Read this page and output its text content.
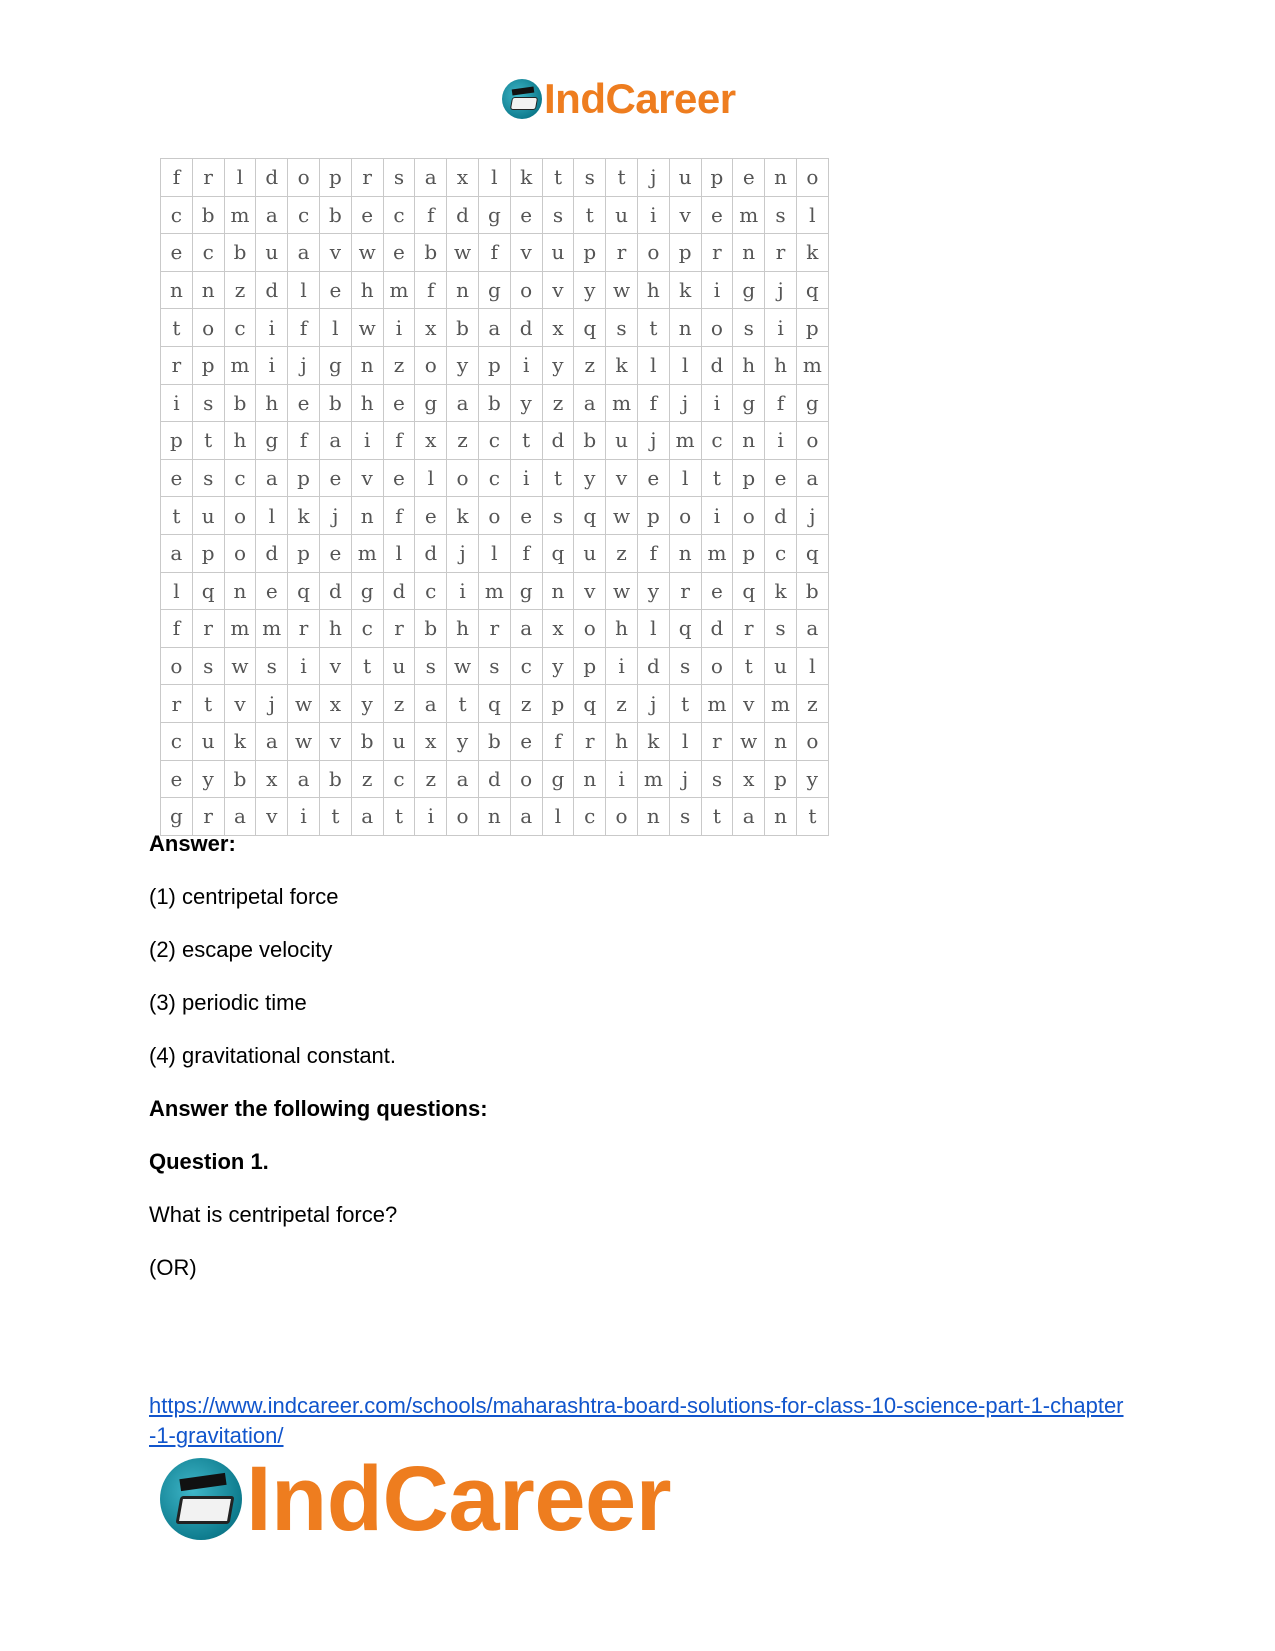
IndCareer
f	r	l	d o p	r	s	a	x	l	k	t	s	t	j	u p e n o
c b m a	c b e	c	f	d g e	s	t	u	i	v	e m s	l
e	c b u a	v w e b w f	v u p	r	o p	r	n	r	k
n n	z	d	l	e h m f	n g o	v	y w h k	i	g	j	q
t	o	c	i	f	l	w	i	x b a d x q	s	t	n o	s	i	p
r	p m i	j	g n	z	o	y p	i	y	z	k	l	l	d h h m
i	s	b h e b h e g a b y	z	a m f	j	i	g	f	g
p	t	h g	f	a	i	f	x	z	c	t	d b u	j m c n	i	o
e	s	c	a p e	v	e	l	o	c	i	t	y	v	e	l	t	p e a
t	u o	l	k	j	n	f	e k o e	s	q w p o	i	o d	j
a p o d p e m l	d	j	l	f	q u	z	f	n m p c q
l	q n e q d g d c	i m g n v w y	r	e q k b
f	r m m r	h c	r	b h	r	a	x	o h	l	q d	r	s	a
o	s w s	i	v	t	u	s w s	c	y p	i	d	s	o	t	u	l
r	t	v	j	w x	y	z	a	t	q	z	p q	z	j	t m v m z
c u k a w v b u x	y b e	f	r	h k	l	r w n o
e	y b x	a b	z	c	z	a d o g n	i m j	s	x p y
g	r	a	v	i	t	a	t	i	o n a	l	c	o n	s	t	a n	t
Answer:
(1) centripetal force
(2) escape velocity
(3) periodic time
(4) gravitational constant.
Answer the following questions:
Question 1.
What is centripetal force?
(OR)
https://www.indcareer.com/schools/maharashtra-board-solutions-for-class-10-science-part-1-chapter-1-gravitation/
IndCareer
